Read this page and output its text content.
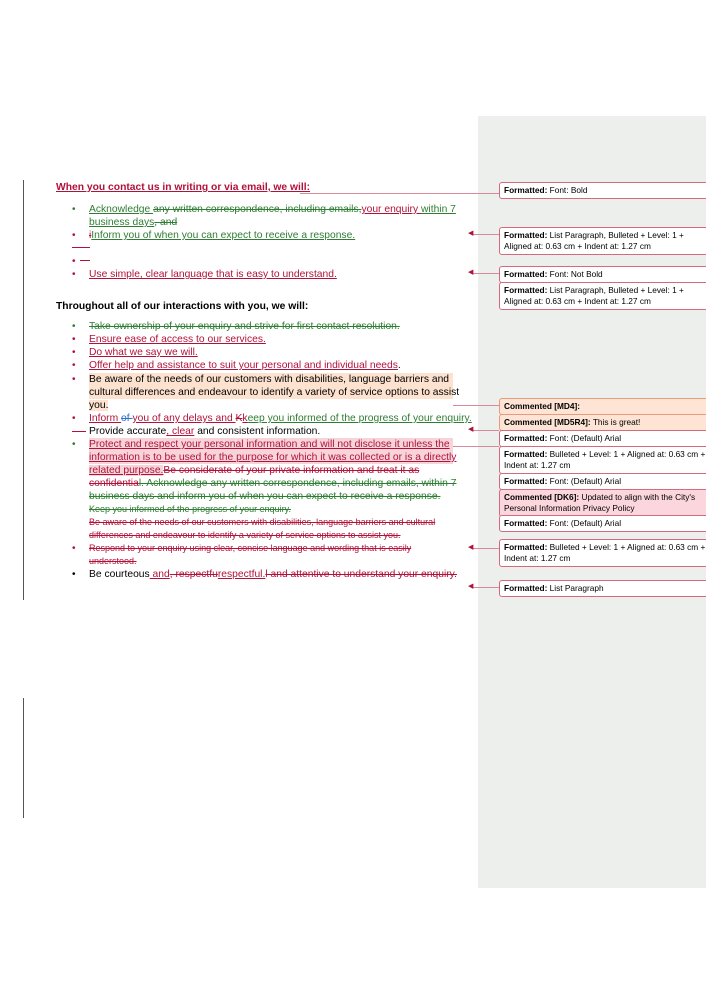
When you contact us in writing or via email, we will:
• Acknowledge any written correspondence, including emails,your enquiry within 7
business days, and
• iInform you of when you can expect to receive a response.
•
• Use simple, clear language that is easy to understand.
Throughout all of our interactions with you, we will:
• Take ownership of your enquiry and strive for first contact resolution.
• Ensure ease of access to our services.
• Do what we say we will.
• Offer help and assistance to suit your personal and individual needs.
• Be aware of the needs of our customers with disabilities, language barriers and
cultural differences and endeavour to identify a variety of service options to assist
you.
• Inform of you of any delays and Kkeep you informed of the progress of your enquiry.
Provide accurate, clear and consistent information.
• Protect and respect your personal information and will not disclose it unless the
information is to be used for the purpose for which it was collected or is a directly
related purpose.Be considerate of your private information and treat it as
confidential. Acknowledge any written correspondence, including emails, within 7
business days and inform you of when you can expect to receive a response.
Keep you informed of the progress of your enquiry.
Be aware of the needs of our customers with disabilities, language barriers and cultural
differences and endeavour to identify a variety of service options to assist you.
• Respond to your enquiry using clear, concise language and wording that is easily
understood.
• Be courteous and, respectfurespectful.l and attentive to understand your enquiry.
◀
◀
◀
◀
◀
Formatted: Font: Bold
Formatted: List Paragraph, Bulleted + Level: 1 + Aligned at: 0.63 cm + Indent at: 1.27 cm
Formatted: Font: Not Bold
Formatted: List Paragraph, Bulleted + Level: 1 + Aligned at: 0.63 cm + Indent at: 1.27 cm
Commented [MD4]:
Commented [MD5R4]: This is great!
Formatted: Font: (Default) Arial
Formatted: Bulleted + Level: 1 + Aligned at: 0.63 cm + Indent at: 1.27 cm
Formatted: Font: (Default) Arial
Commented [DK6]: Updated to align with the City's Personal Information Privacy Policy
Formatted: Font: (Default) Arial
Formatted: Bulleted + Level: 1 + Aligned at: 0.63 cm + Indent at: 1.27 cm
Formatted: List Paragraph
